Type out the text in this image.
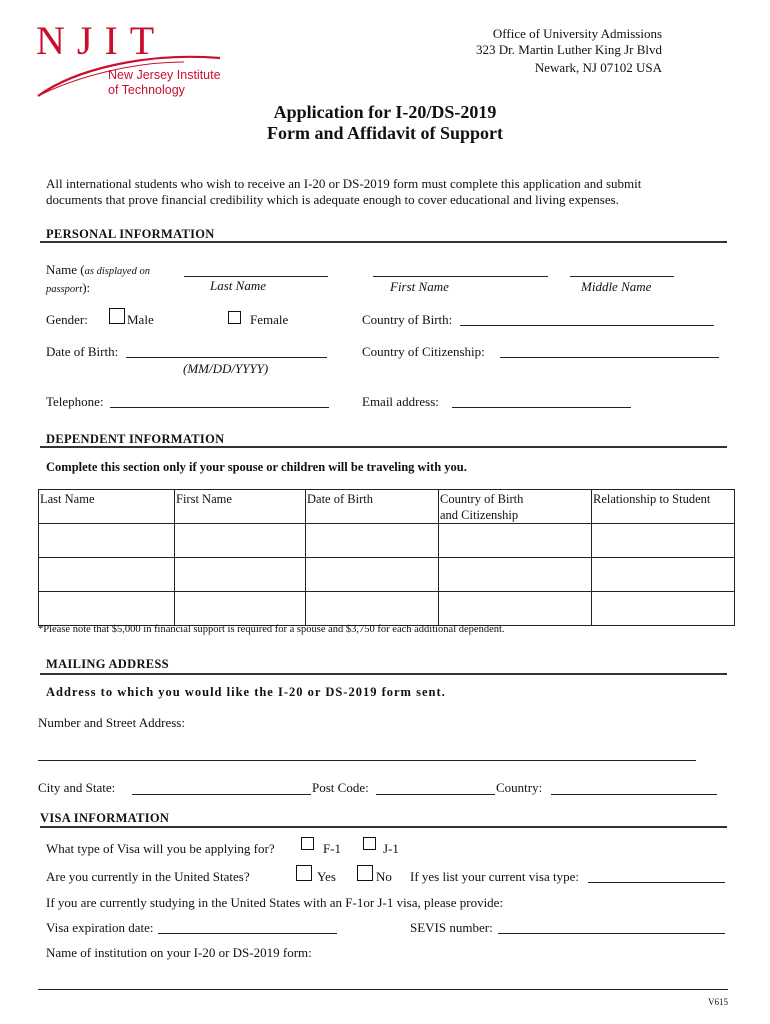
NJIT
New Jersey Institute
of Technology
Office of University Admissions
323 Dr. Martin Luther King Jr Blvd
Newark, NJ 07102 USA
Application for I-20/DS-2019
Form and Affidavit of Support
All international students who wish to receive an I-20 or DS-2019 form must complete this application and submit
documents that prove financial credibility which is adequate enough to cover educational and living expenses.
PERSONAL INFORMATION
Name (as displayed on
passport):	Last Name	First Name	Middle Name
Gender:	Male	Female	Country of Birth:
Date of Birth:
(MM/DD/YYYY)
Country of Citizenship:
Telephone:	Email address:
DEPENDENT INFORMATION
Complete this section only if your spouse or children will be traveling with you.
Last Name	First Name	Date of Birth	Country of Birth
and Citizenship	Relationship to Student

*Please note that $5,000 in financial support is required for a spouse and $3,750 for each additional dependent.
MAILING ADDRESS
Address to which you would like the I-20 or DS-2019 form sent.
Number and Street Address:
City and State:	Post Code:	Country:
VISA INFORMATION
What type of Visa will you be applying for?	F-1	J-1
Are you currently in the United States?	Yes	No If yes list your current visa type:
If you are currently studying in the United States with an F-1or J-1 visa, please provide:
Visa expiration date:	SEVIS number:
Name of institution on your I-20 or DS-2019 form:
V615
